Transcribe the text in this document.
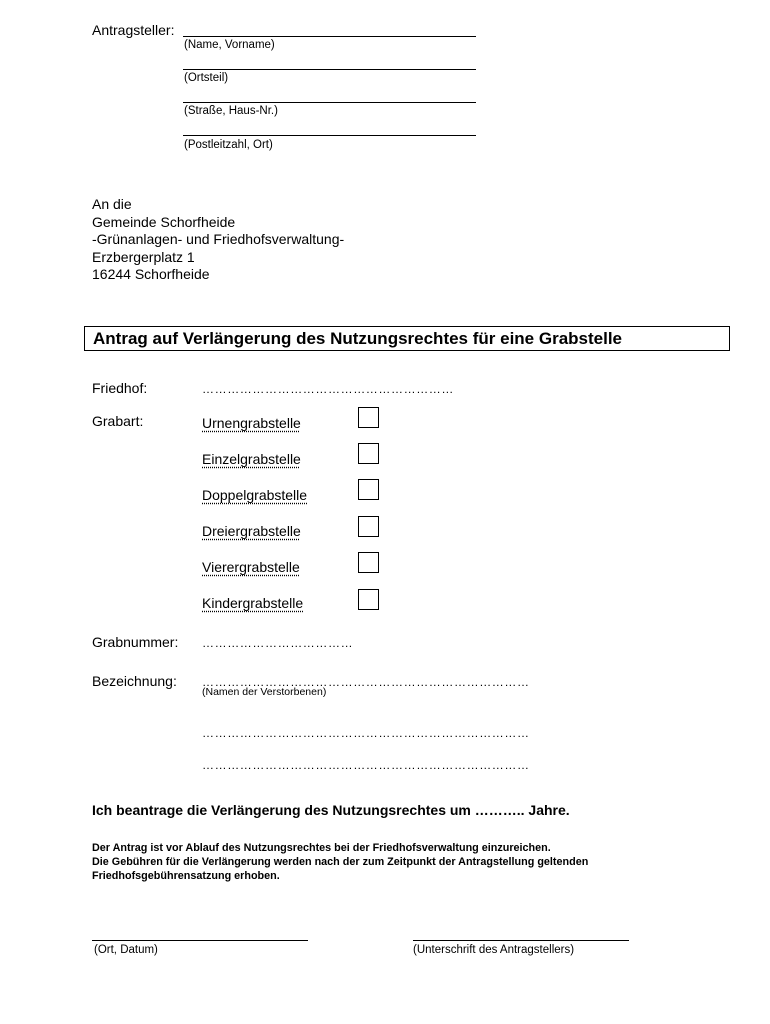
Antragsteller:
(Name, Vorname)
(Ortsteil)
(Straße, Haus-Nr.)
(Postleitzahl, Ort)
An die
Gemeinde Schorfheide
-Grünanlagen- und Friedhofsverwaltung-
Erzbergerplatz 1
16244 Schorfheide
Antrag auf Verlängerung des Nutzungsrechtes für eine Grabstelle
Friedhof:	……………………………………………………
Grabart:	Urnengrabstelle
Einzelgrabstelle
Doppelgrabstelle
Dreiergrabstelle
Vierergrabstelle
Kindergrabstelle
Grabnummer: ………………………………
Bezeichnung: ……………………………………………………………………
(Namen der Verstorbenen)
……………………………………………………………………
……………………………………………………………………
Ich beantrage die Verlängerung des Nutzungsrechtes um ……….. Jahre.
Der Antrag ist vor Ablauf des Nutzungsrechtes bei der Friedhofsverwaltung einzureichen.
Die Gebühren für die Verlängerung werden nach der zum Zeitpunkt der Antragstellung geltenden
Friedhofsgebührensatzung erhoben.
(Ort, Datum)	(Unterschrift des Antragstellers)
